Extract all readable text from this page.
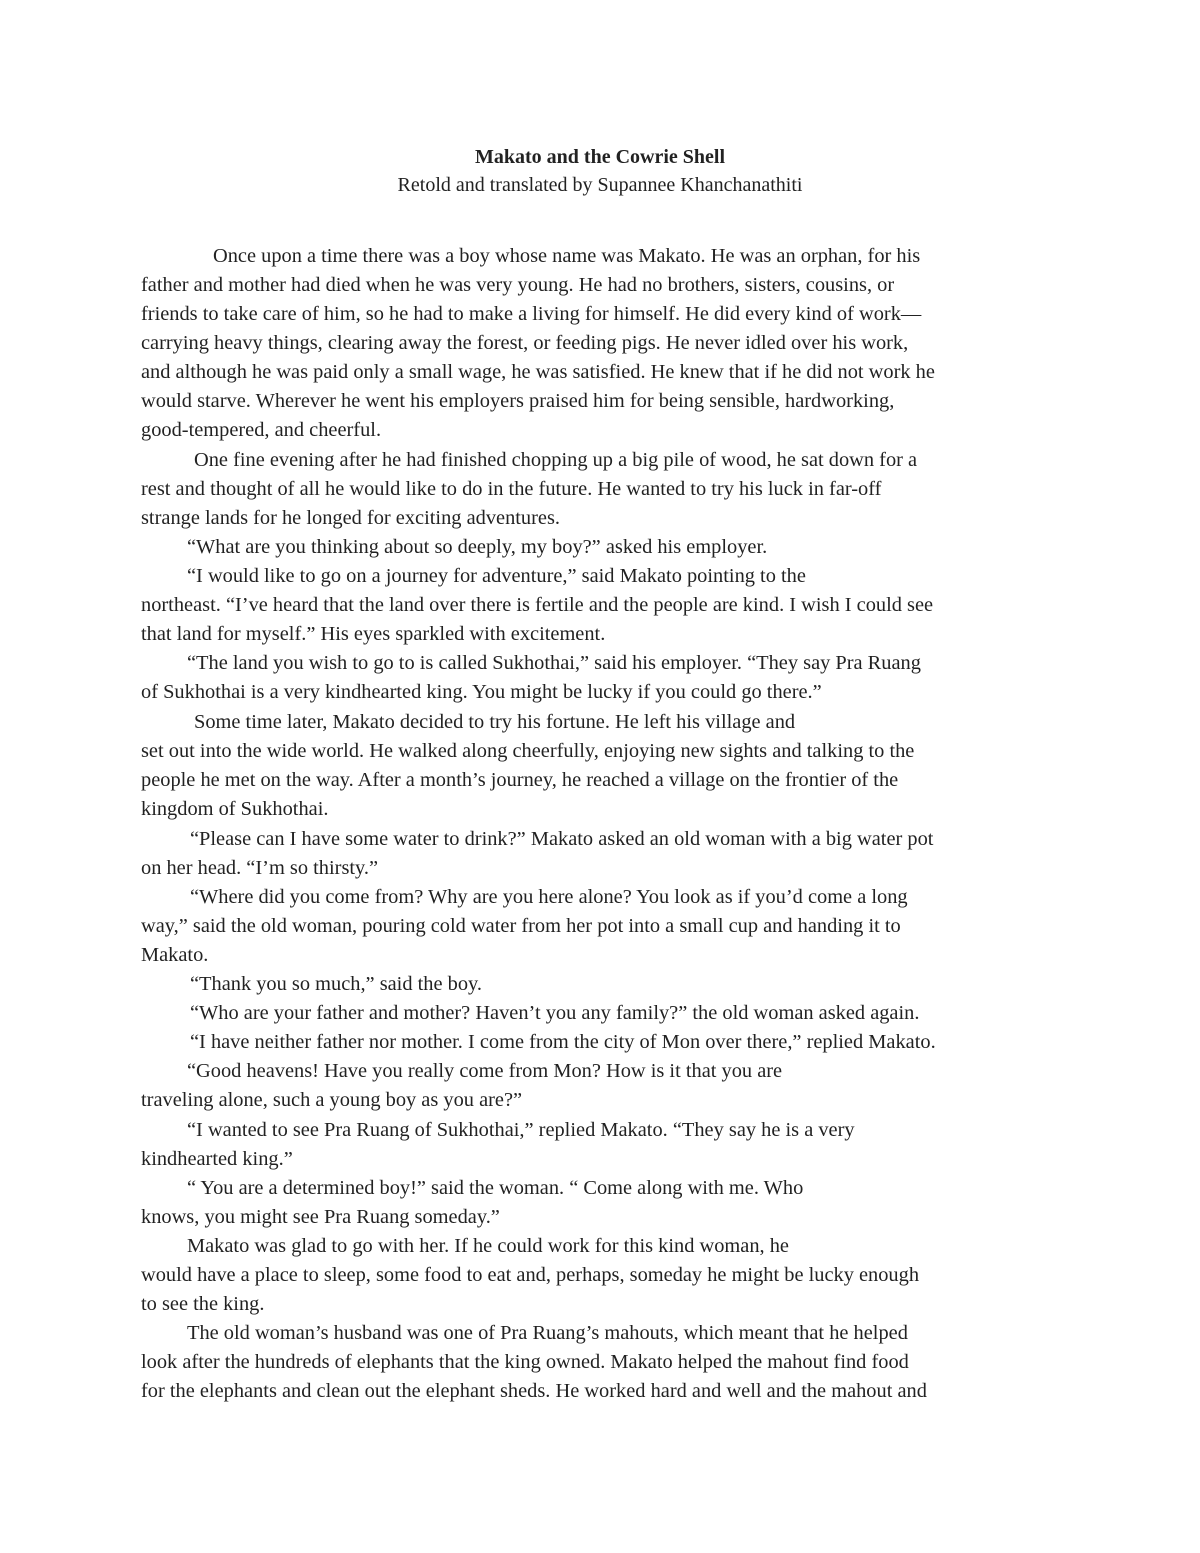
Makato and the Cowrie Shell
Retold and translated by Supannee Khanchanathiti
Once upon a time there was a boy whose name was Makato. He was an orphan, for his
father and mother had died when he was very young. He had no brothers, sisters, cousins, or
friends to take care of him, so he had to make a living for himself. He did every kind of work—
carrying heavy things, clearing away the forest, or feeding pigs. He never idled over his work,
and although he was paid only a small wage, he was satisfied. He knew that if he did not work he
would starve. Wherever he went his employers praised him for being sensible, hardworking,
good-tempered, and cheerful.
One fine evening after he had finished chopping up a big pile of wood, he sat down for a
rest and thought of all he would like to do in the future. He wanted to try his luck in far-off
strange lands for he longed for exciting adventures.
“What are you thinking about so deeply, my boy?” asked his employer.
“I would like to go on a journey for adventure,” said Makato pointing to the
northeast. “I’ve heard that the land over there is fertile and the people are kind. I wish I could see
that land for myself.” His eyes sparkled with excitement.
“The land you wish to go to is called Sukhothai,” said his employer. “They say Pra Ruang
of Sukhothai is a very kindhearted king. You might be lucky if you could go there.”
Some time later, Makato decided to try his fortune. He left his village and
set out into the wide world. He walked along cheerfully, enjoying new sights and talking to the
people he met on the way. After a month’s journey, he reached a village on the frontier of the
kingdom of Sukhothai.
“Please can I have some water to drink?” Makato asked an old woman with a big water pot
on her head. “I’m so thirsty.”
“Where did you come from? Why are you here alone? You look as if you’d come a long
way,” said the old woman, pouring cold water from her pot into a small cup and handing it to
Makato.
“Thank you so much,” said the boy.
“Who are your father and mother? Haven’t you any family?” the old woman asked again.
“I have neither father nor mother. I come from the city of Mon over there,” replied Makato.
“Good heavens! Have you really come from Mon? How is it that you are
traveling alone, such a young boy as you are?”
“I wanted to see Pra Ruang of Sukhothai,” replied Makato. “They say he is a very
kindhearted king.”
“ You are a determined boy!” said the woman. “ Come along with me. Who
knows, you might see Pra Ruang someday.”
Makato was glad to go with her. If he could work for this kind woman, he
would have a place to sleep, some food to eat and, perhaps, someday he might be lucky enough
to see the king.
The old woman’s husband was one of Pra Ruang’s mahouts, which meant that he helped
look after the hundreds of elephants that the king owned. Makato helped the mahout find food
for the elephants and clean out the elephant sheds. He worked hard and well and the mahout and
